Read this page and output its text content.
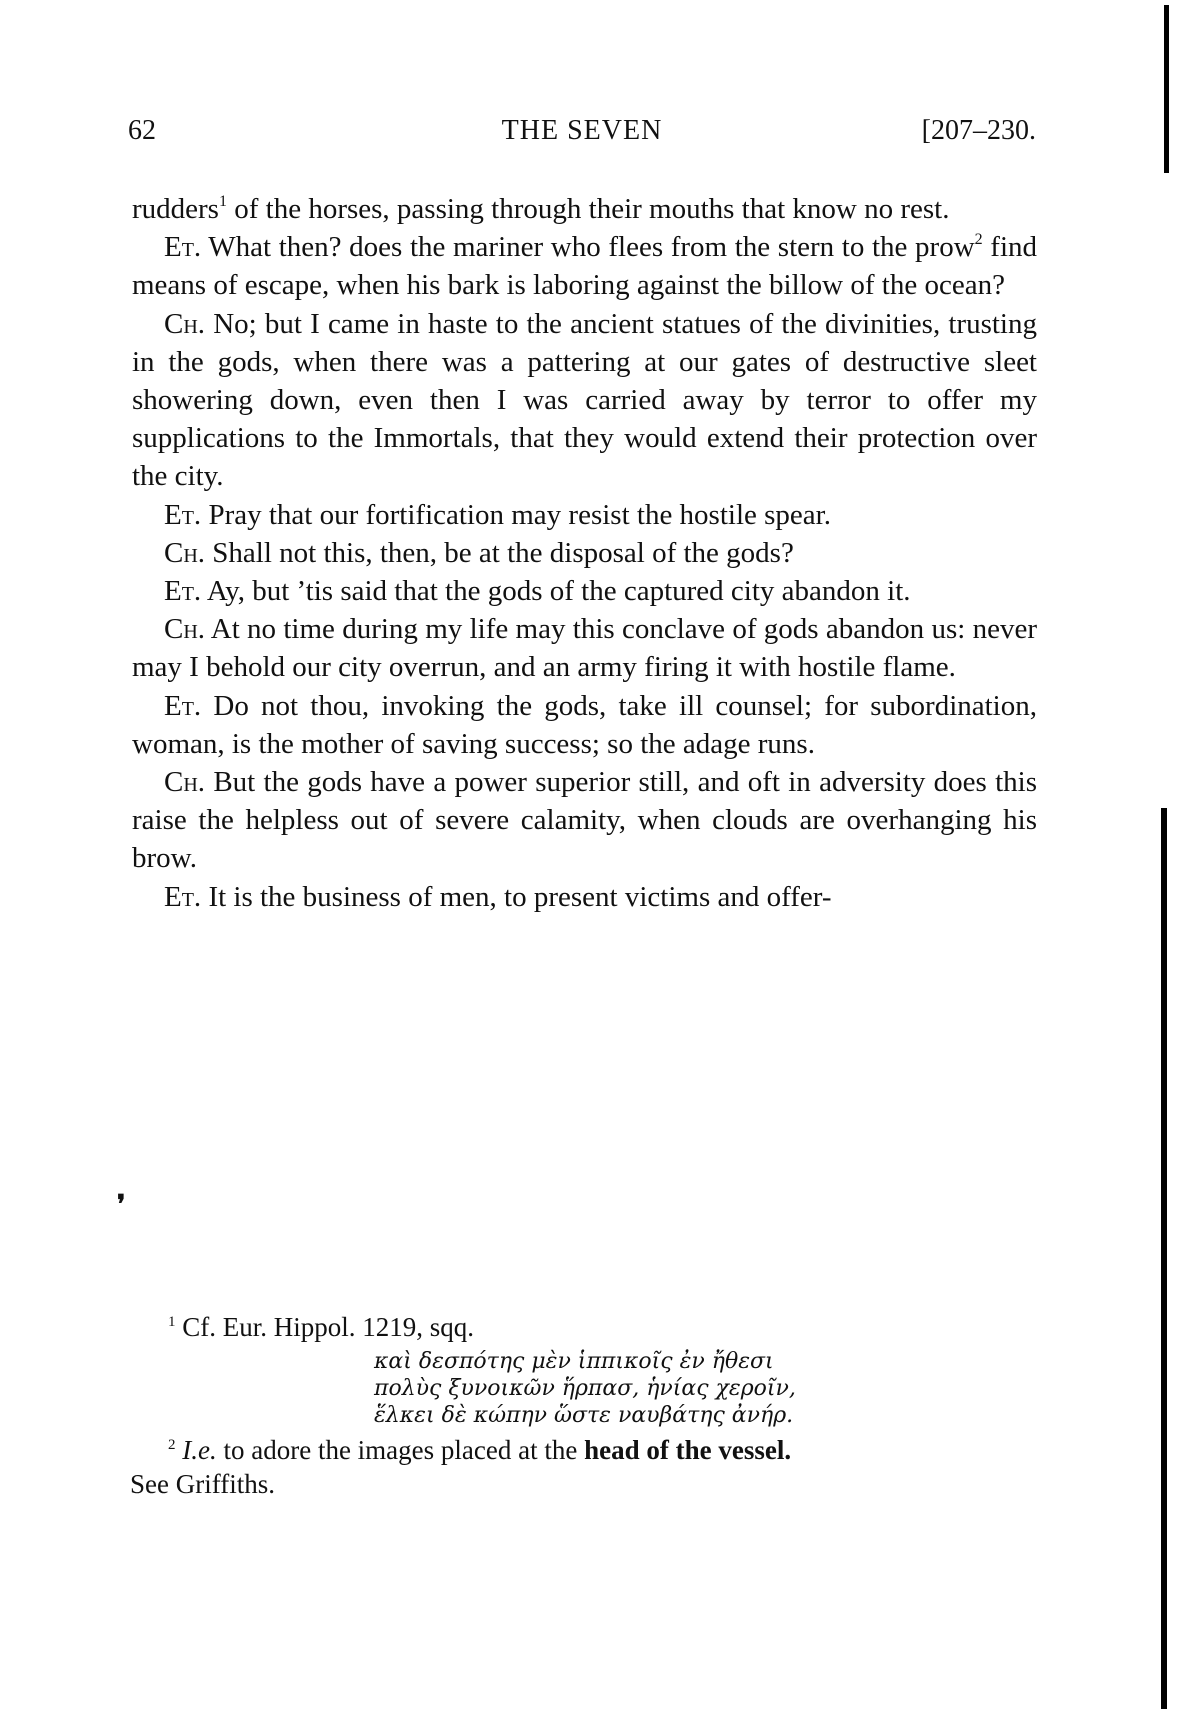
62	THE SEVEN	[207–230.

rudders$^1$ of the horses, passing through their mouths that know no rest.

Et. What then? does the mariner who flees from the stern to the prow$^2$ find means of escape, when his bark is laboring against the billow of the ocean?

Ch. No; but I came in haste to the ancient statues of the divinities, trusting in the gods, when there was a pattering at our gates of destructive sleet showering down, even then I was carried away by terror to offer my supplications to the Immortals, that they would extend their protection over the city.

Et. Pray that our fortification may resist the hostile spear.

Ch. Shall not this, then, be at the disposal of the gods?

Et. Ay, but ’tis said that the gods of the captured city abandon it.

Ch. At no time during my life may this conclave of gods abandon us: never may I behold our city overrun, and an army firing it with hostile flame.

Et. Do not thou, invoking the gods, take ill counsel; for subordination, woman, is the mother of saving success; so the adage runs.

Ch. But the gods have a power superior still, and oft in adversity does this raise the helpless out of severe calamity, when clouds are overhanging his brow.

Et. It is the business of men, to present victims and offer-

❜
$^1$ Cf. Eur. Hippol. 1219, sqq.
καὶ δεσπότης μὲν ἱππικοῖς ἐν ἤθεσι
πολὺς ξυνοικῶν ἥρπασ, ἡνίας χεροῖν,
ἕλκει δὲ κώπην ὥστε ναυβάτης ἀνήρ.
$^2$ I.e. to adore the images placed at the head of the vessel.
See Griffiths.
